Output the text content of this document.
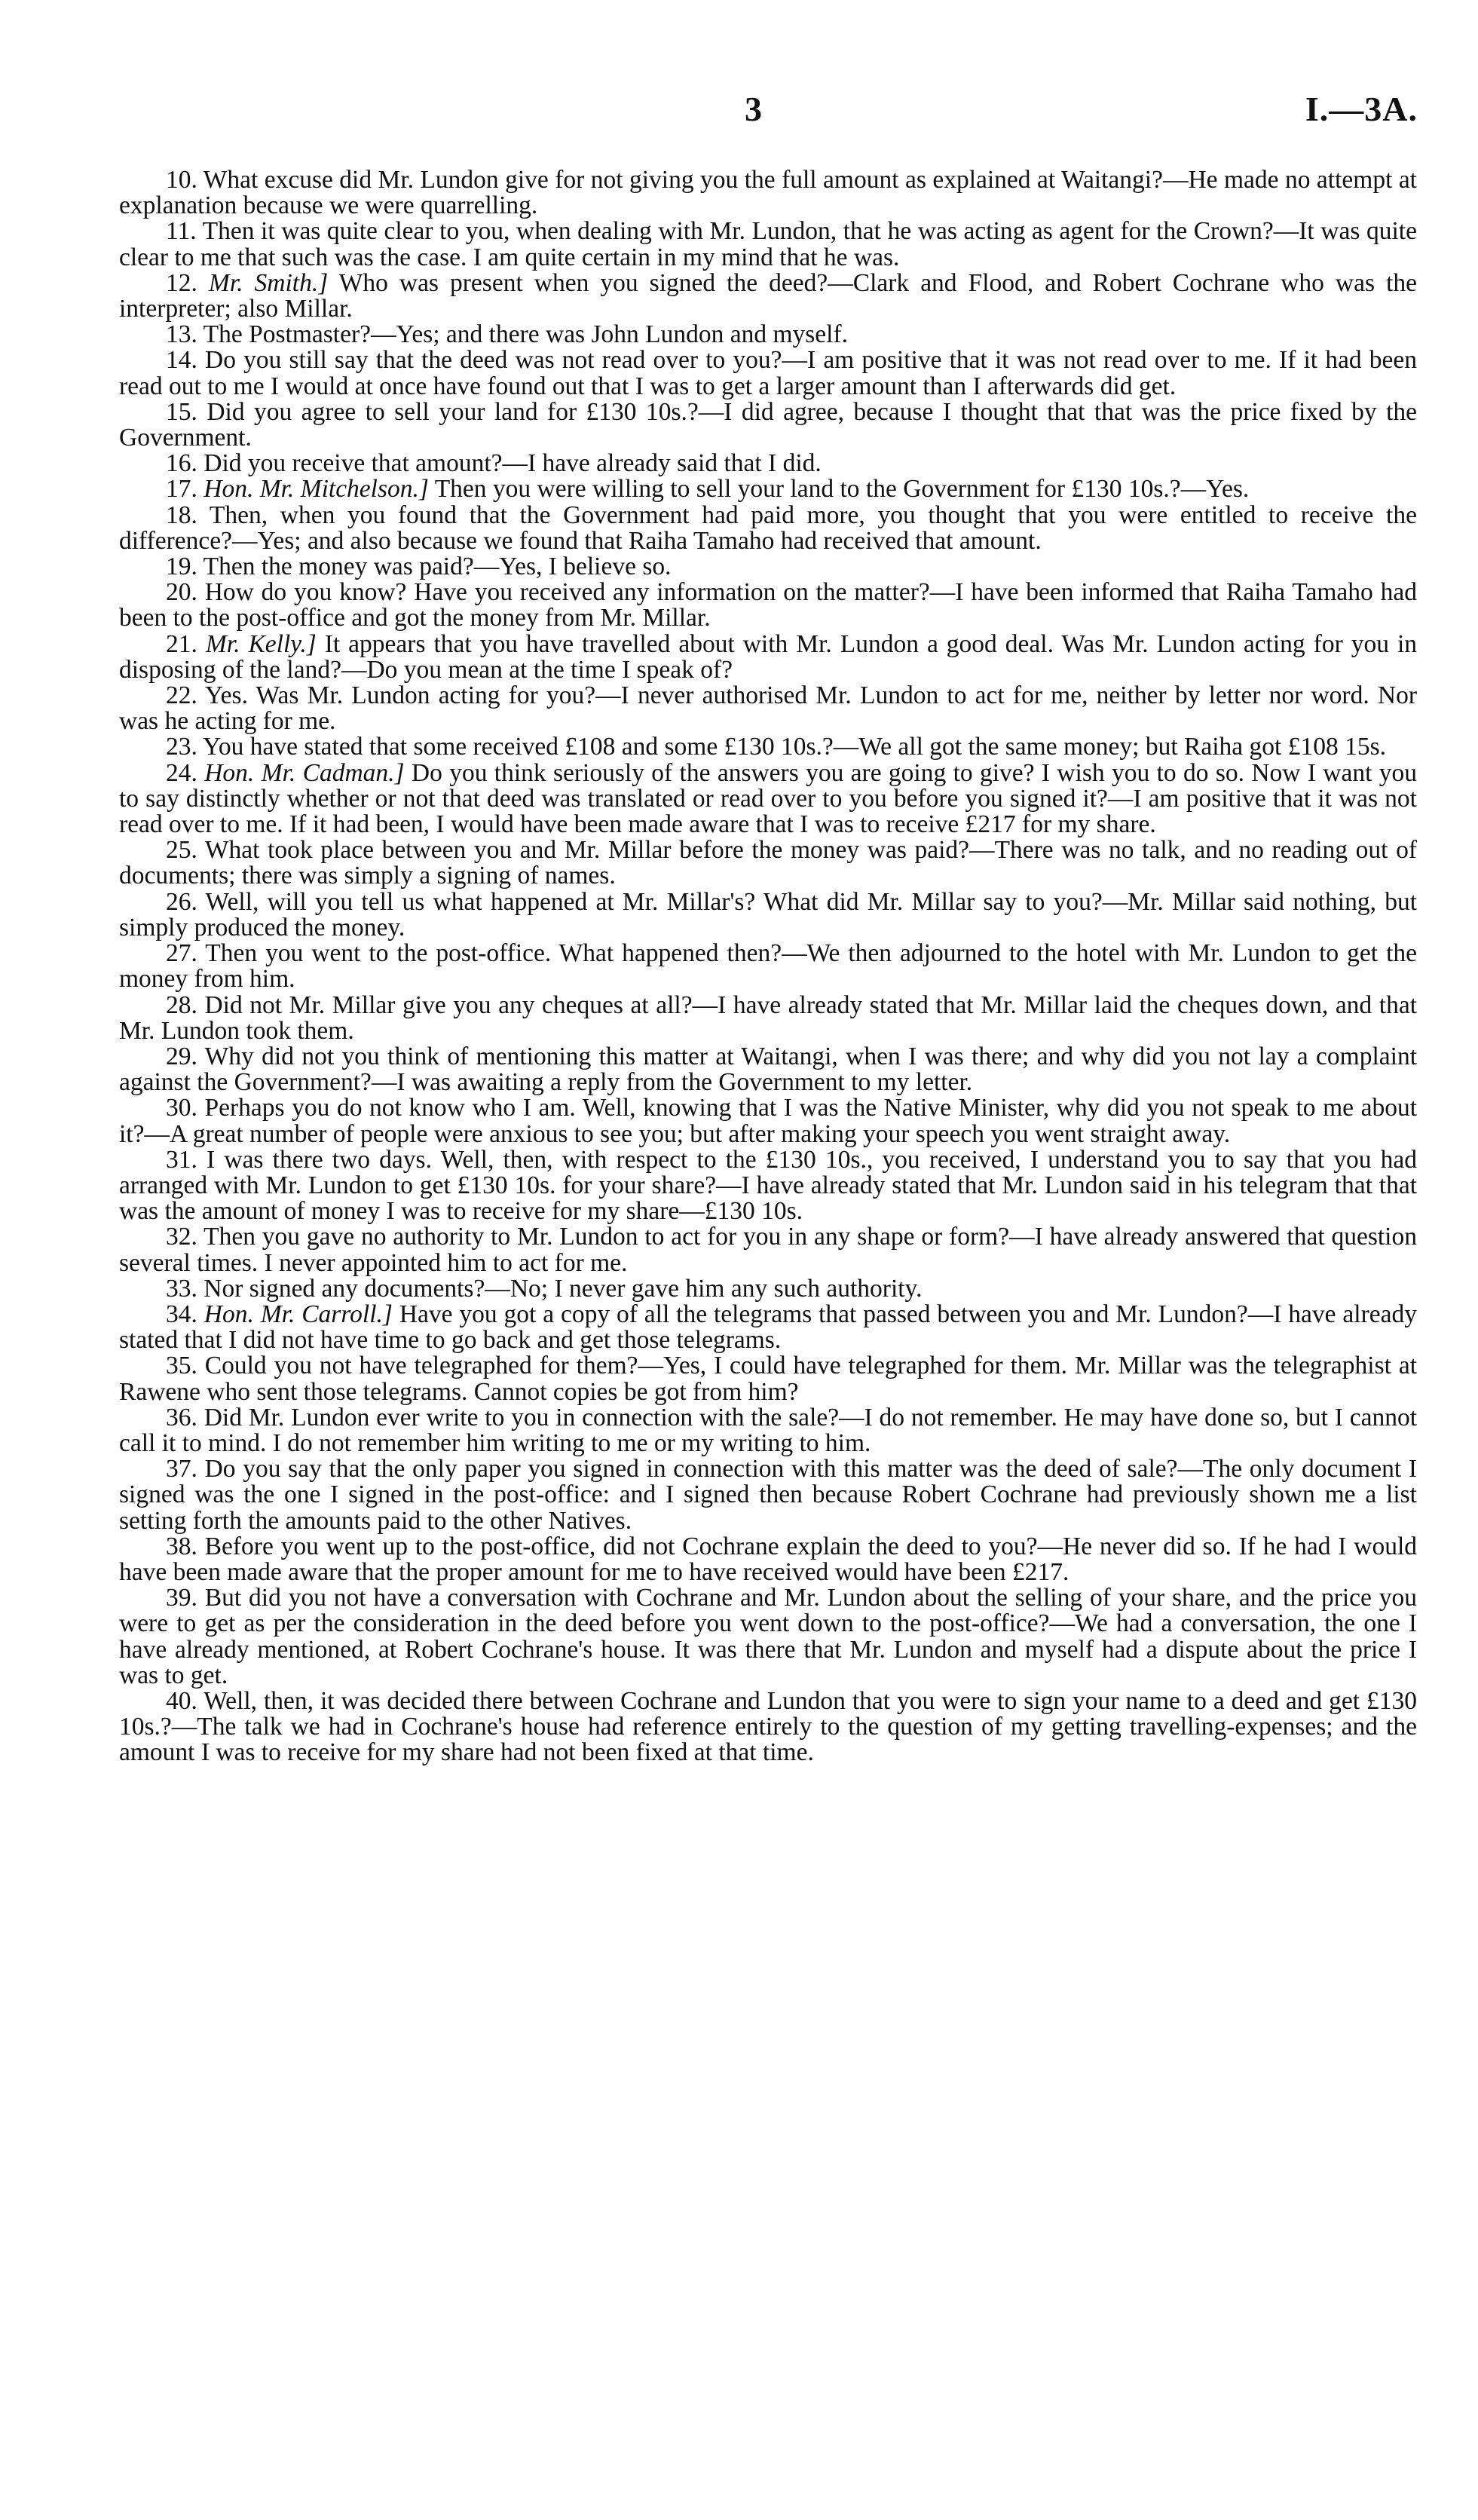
3	I.—3A.

10. What excuse did Mr. Lundon give for not giving you the full amount as explained at Waitangi?—He made no attempt at explanation because we were quarrelling.

11. Then it was quite clear to you, when dealing with Mr. Lundon, that he was acting as agent for the Crown?—It was quite clear to me that such was the case. I am quite certain in my mind that he was.

12. Mr. Smith.] Who was present when you signed the deed?—Clark and Flood, and Robert Cochrane who was the interpreter; also Millar.

13. The Postmaster?—Yes; and there was John Lundon and myself.

14. Do you still say that the deed was not read over to you?—I am positive that it was not read over to me. If it had been read out to me I would at once have found out that I was to get a larger amount than I afterwards did get.

15. Did you agree to sell your land for £130 10s.?—I did agree, because I thought that that was the price fixed by the Government.

16. Did you receive that amount?—I have already said that I did.

17. Hon. Mr. Mitchelson.] Then you were willing to sell your land to the Government for £130 10s.?—Yes.

18. Then, when you found that the Government had paid more, you thought that you were entitled to receive the difference?—Yes; and also because we found that Raiha Tamaho had received that amount.

19. Then the money was paid?—Yes, I believe so.

20. How do you know? Have you received any information on the matter?—I have been informed that Raiha Tamaho had been to the post-office and got the money from Mr. Millar.

21. Mr. Kelly.] It appears that you have travelled about with Mr. Lundon a good deal. Was Mr. Lundon acting for you in disposing of the land?—Do you mean at the time I speak of?

22. Yes. Was Mr. Lundon acting for you?—I never authorised Mr. Lundon to act for me, neither by letter nor word. Nor was he acting for me.

23. You have stated that some received £108 and some £130 10s.?—We all got the same money; but Raiha got £108 15s.

24. Hon. Mr. Cadman.] Do you think seriously of the answers you are going to give? I wish you to do so. Now I want you to say distinctly whether or not that deed was translated or read over to you before you signed it?—I am positive that it was not read over to me. If it had been, I would have been made aware that I was to receive £217 for my share.

25. What took place between you and Mr. Millar before the money was paid?—There was no talk, and no reading out of documents; there was simply a signing of names.

26. Well, will you tell us what happened at Mr. Millar's? What did Mr. Millar say to you?—Mr. Millar said nothing, but simply produced the money.

27. Then you went to the post-office. What happened then?—We then adjourned to the hotel with Mr. Lundon to get the money from him.

28. Did not Mr. Millar give you any cheques at all?—I have already stated that Mr. Millar laid the cheques down, and that Mr. Lundon took them.

29. Why did not you think of mentioning this matter at Waitangi, when I was there; and why did you not lay a complaint against the Government?—I was awaiting a reply from the Government to my letter.

30. Perhaps you do not know who I am. Well, knowing that I was the Native Minister, why did you not speak to me about it?—A great number of people were anxious to see you; but after making your speech you went straight away.

31. I was there two days. Well, then, with respect to the £130 10s., you received, I understand you to say that you had arranged with Mr. Lundon to get £130 10s. for your share?—I have already stated that Mr. Lundon said in his telegram that that was the amount of money I was to receive for my share—£130 10s.

32. Then you gave no authority to Mr. Lundon to act for you in any shape or form?—I have already answered that question several times. I never appointed him to act for me.

33. Nor signed any documents?—No; I never gave him any such authority.

34. Hon. Mr. Carroll.] Have you got a copy of all the telegrams that passed between you and Mr. Lundon?—I have already stated that I did not have time to go back and get those telegrams.

35. Could you not have telegraphed for them?—Yes, I could have telegraphed for them. Mr. Millar was the telegraphist at Rawene who sent those telegrams. Cannot copies be got from him?

36. Did Mr. Lundon ever write to you in connection with the sale?—I do not remember. He may have done so, but I cannot call it to mind. I do not remember him writing to me or my writing to him.

37. Do you say that the only paper you signed in connection with this matter was the deed of sale?—The only document I signed was the one I signed in the post-office: and I signed then because Robert Cochrane had previously shown me a list setting forth the amounts paid to the other Natives.

38. Before you went up to the post-office, did not Cochrane explain the deed to you?—He never did so. If he had I would have been made aware that the proper amount for me to have received would have been £217.

39. But did you not have a conversation with Cochrane and Mr. Lundon about the selling of your share, and the price you were to get as per the consideration in the deed before you went down to the post-office?—We had a conversation, the one I have already mentioned, at Robert Cochrane's house. It was there that Mr. Lundon and myself had a dispute about the price I was to get.

40. Well, then, it was decided there between Cochrane and Lundon that you were to sign your name to a deed and get £130 10s.?—The talk we had in Cochrane's house had reference entirely to the question of my getting travelling-expenses; and the amount I was to receive for my share had not been fixed at that time.
